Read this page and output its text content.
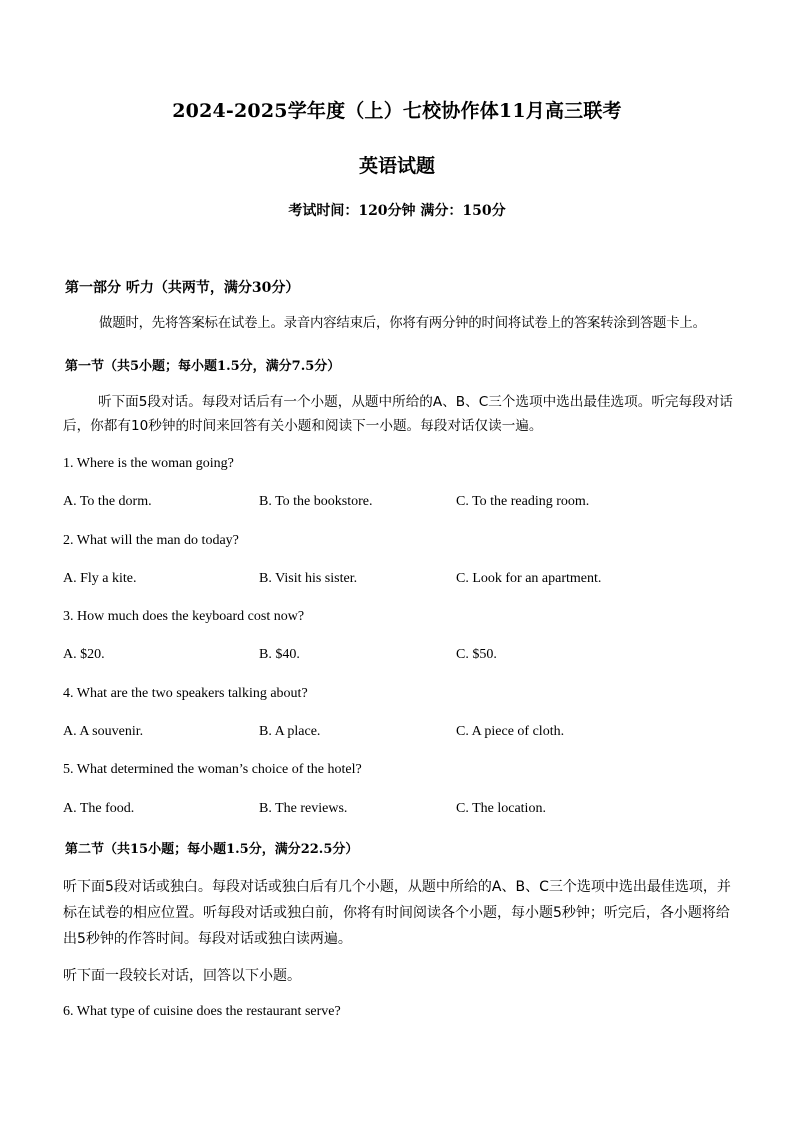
2024-2025学年度（上）七校协作体11月高三联考
英语试题
考试时间：120分钟 满分：150分
第一部分 听力（共两节，满分30分）
做题时，先将答案标在试卷上。录音内容结束后，你将有两分钟的时间将试卷上的答案转涂到答题卡上。
第一节（共5小题；每小题1.5分，满分7.5分）
听下面5段对话。每段对话后有一个小题，从题中所给的A、B、C三个选项中选出最佳选项。听完每段对话后，你都有10秒钟的时间来回答有关小题和阅读下一小题。每段对话仅读一遍。
1. Where is the woman going?
A. To the dorm.	B. To the bookstore.	C. To the reading room.
2. What will the man do today?
A. Fly a kite.	B. Visit his sister.	C. Look for an apartment.
3. How much does the keyboard cost now?
A. $20.	B. $40.	C. $50.
4. What are the two speakers talking about?
A. A souvenir.	B. A place.	C. A piece of cloth.
5. What determined the woman’s choice of the hotel?
A. The food.	B. The reviews.	C. The location.
第二节（共15小题；每小题1.5分，满分22.5分）
听下面5段对话或独白。每段对话或独白后有几个小题，从题中所给的A、B、C三个选项中选出最佳选项，并标在试卷的相应位置。听每段对话或独白前，你将有时间阅读各个小题，每小题5秒钟；听完后，各小题将给出5秒钟的作答时间。每段对话或独白读两遍。
听下面一段较长对话，回答以下小题。
6. What type of cuisine does the restaurant serve?
